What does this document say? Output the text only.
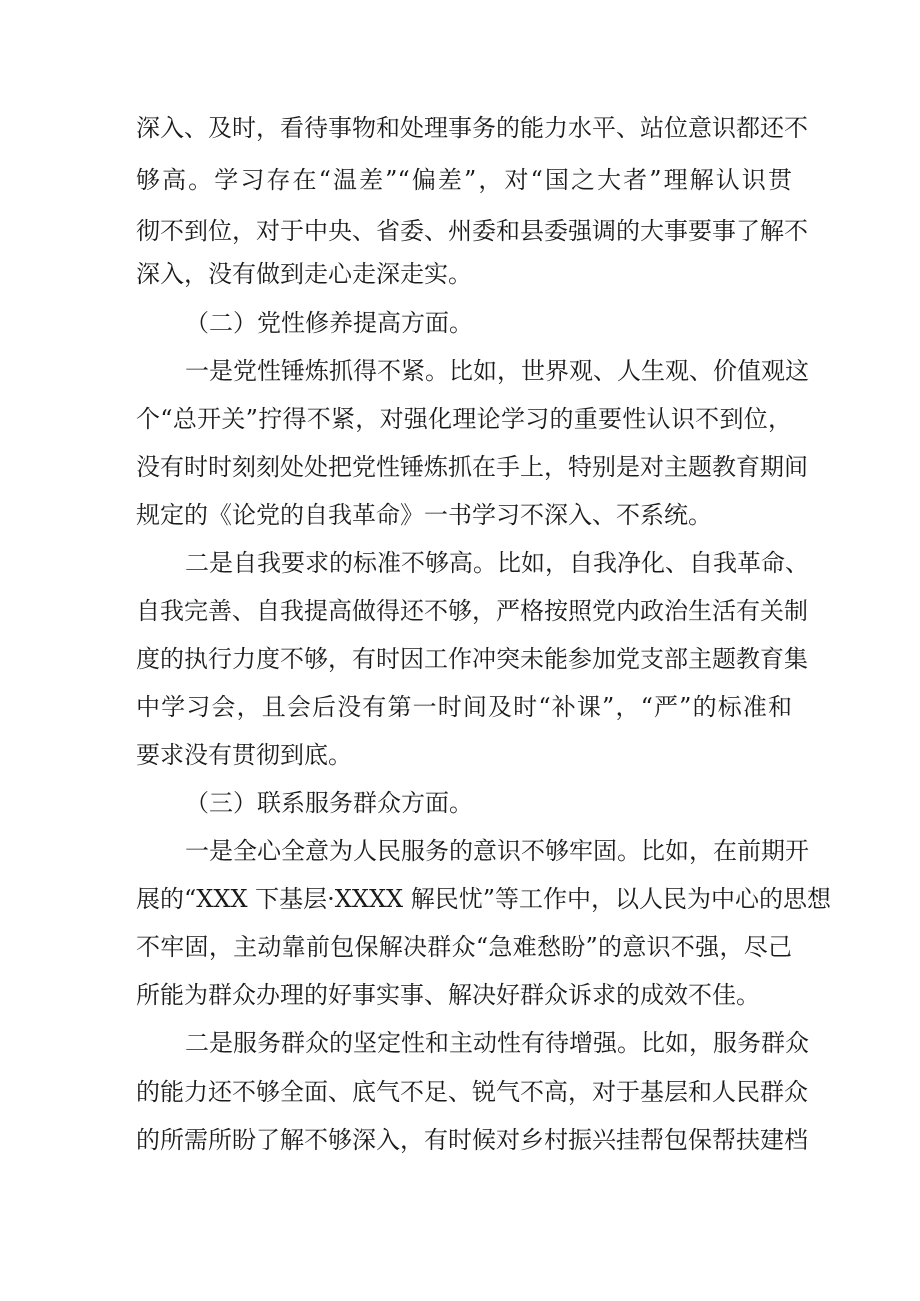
深入、及时，看待事物和处理事务的能力水平、站位意识都还不

够高。学习存在“温差”“偏差”，对“国之大者”理解认识贯

彻不到位，对于中央、省委、州委和县委强调的大事要事了解不

深入，没有做到走心走深走实。

（二）党性修养提高方面。

一是党性锤炼抓得不紧。比如，世界观、人生观、价值观这

个“总开关”拧得不紧，对强化理论学习的重要性认识不到位，

没有时时刻刻处处把党性锤炼抓在手上，特别是对主题教育期间

规定的《论党的自我革命》一书学习不深入、不系统。

二是自我要求的标准不够高。比如，自我净化、自我革命、

自我完善、自我提高做得还不够，严格按照党内政治生活有关制

度的执行力度不够，有时因工作冲突未能参加党支部主题教育集

中学习会，且会后没有第一时间及时“补课”，“严”的标准和

要求没有贯彻到底。

（三）联系服务群众方面。

一是全心全意为人民服务的意识不够牢固。比如，在前期开

展的“XXX 下基层·XXXX 解民忧”等工作中，以人民为中心的思想

不牢固，主动靠前包保解决群众“急难愁盼”的意识不强，尽己

所能为群众办理的好事实事、解决好群众诉求的成效不佳。

二是服务群众的坚定性和主动性有待增强。比如，服务群众

的能力还不够全面、底气不足、锐气不高，对于基层和人民群众

的所需所盼了解不够深入，有时候对乡村振兴挂帮包保帮扶建档
